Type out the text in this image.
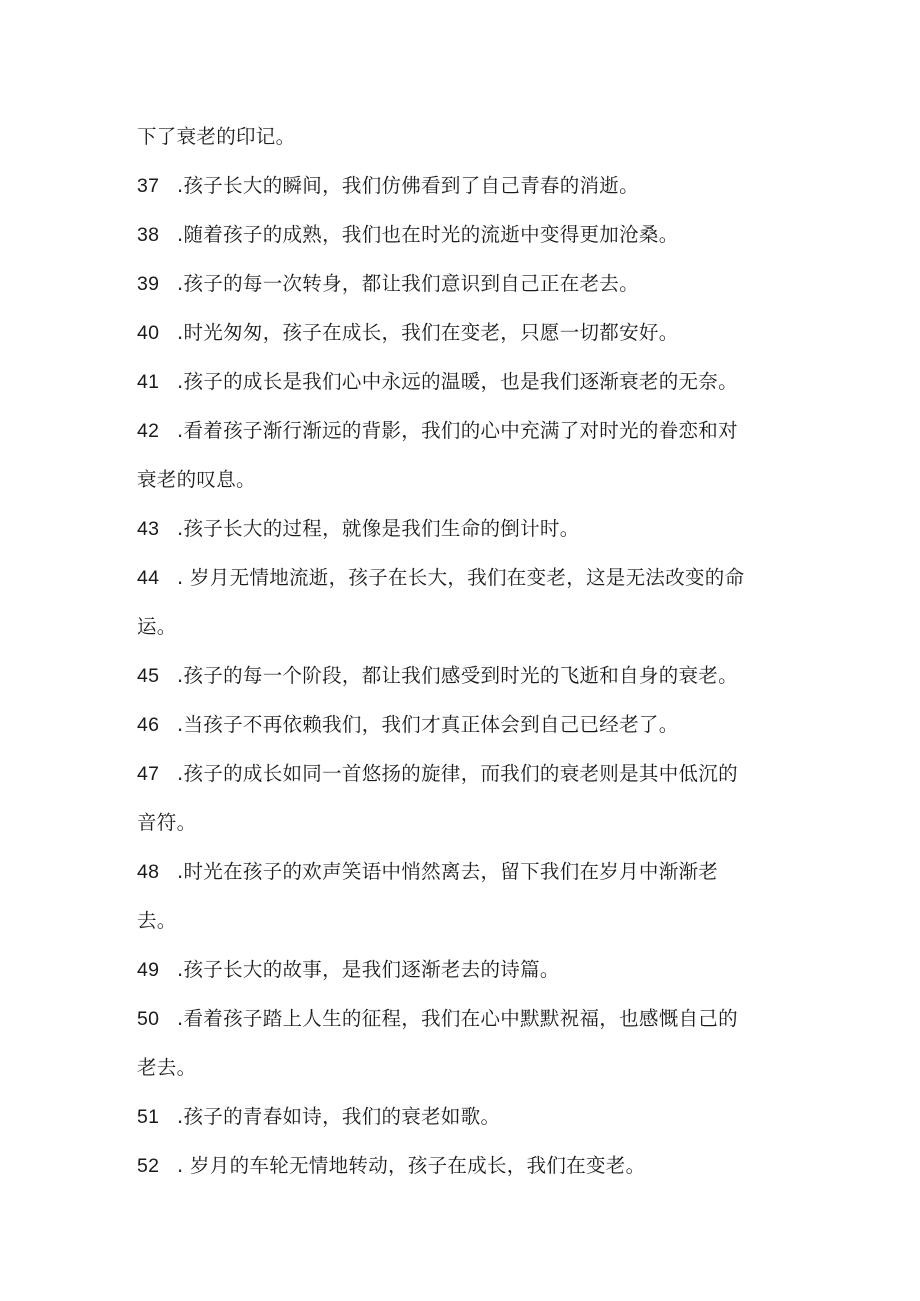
下了衰老的印记。
37 .孩子长大的瞬间，我们仿佛看到了自己青春的消逝。
38 .随着孩子的成熟，我们也在时光的流逝中变得更加沧桑。
39 .孩子的每一次转身，都让我们意识到自己正在老去。
40 .时光匆匆，孩子在成长，我们在变老，只愿一切都安好。
41 .孩子的成长是我们心中永远的温暖，也是我们逐渐衰老的无奈。
42 .看着孩子渐行渐远的背影，我们的心中充满了对时光的眷恋和对
衰老的叹息。
43 .孩子长大的过程，就像是我们生命的倒计时。
44 . 岁月无情地流逝，孩子在长大，我们在变老，这是无法改变的命
运。
45 .孩子的每一个阶段，都让我们感受到时光的飞逝和自身的衰老。
46 .当孩子不再依赖我们，我们才真正体会到自己已经老了。
47 .孩子的成长如同一首悠扬的旋律，而我们的衰老则是其中低沉的
音符。
48 .时光在孩子的欢声笑语中悄然离去，留下我们在岁月中渐渐老
去。
49 .孩子长大的故事，是我们逐渐老去的诗篇。
50 .看着孩子踏上人生的征程，我们在心中默默祝福，也感慨自己的
老去。
51 .孩子的青春如诗，我们的衰老如歌。
52 . 岁月的车轮无情地转动，孩子在成长，我们在变老。
